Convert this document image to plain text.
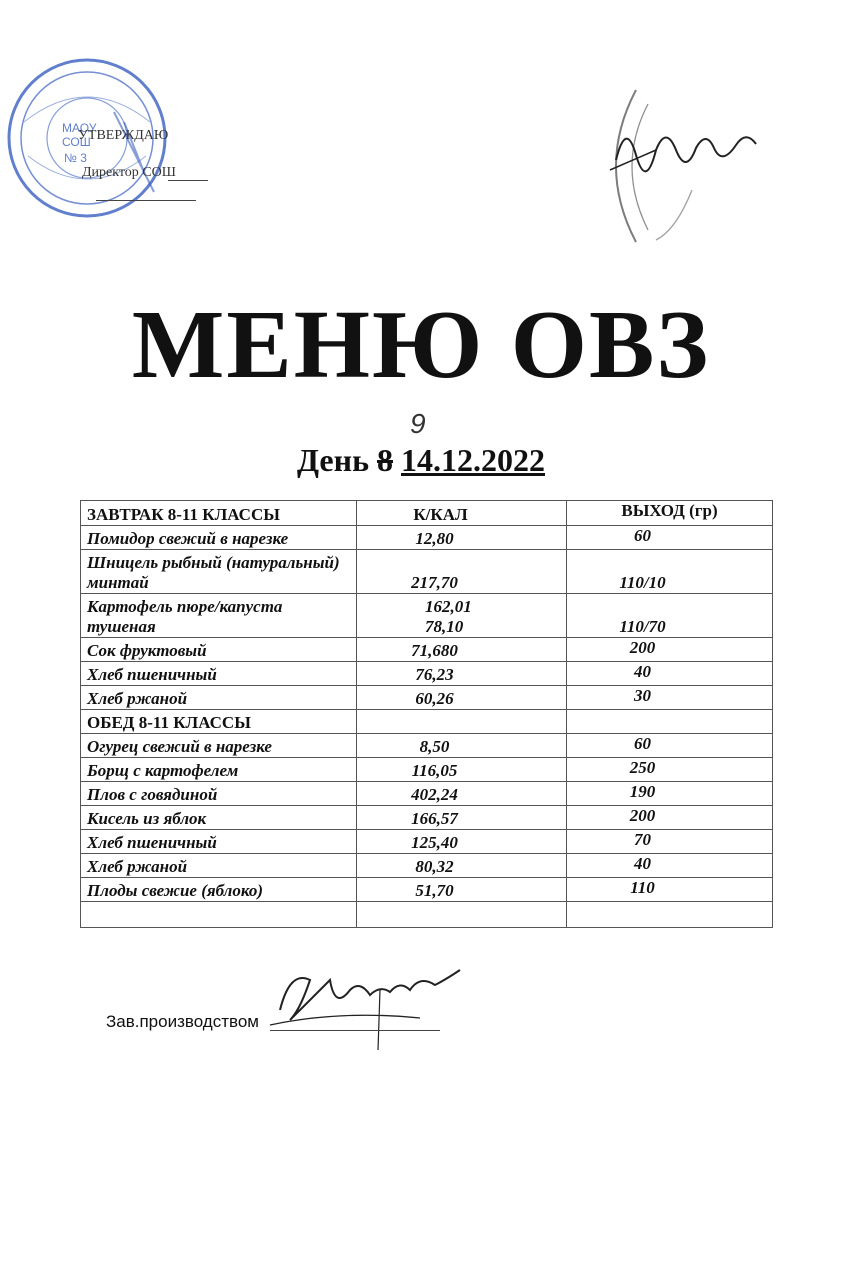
МАОУ
СОШ
№ 3
УТВЕРЖДАЮ
Директор СОШ
МЕНЮ ОВЗ
9
День 8 14.12.2022
ЗАВТРАК 8-11 КЛАССЫ	К/КАЛ	ВЫХОД (гр)
Помидор свежий в нарезке	12,80	60
Шницель рыбный (натуральный) минтай	217,70	110/10
Картофель пюре/капуста тушеная	162,01 78,10	110/70
Сок фруктовый	71,680	200
Хлеб пшеничный	76,23	40
Хлеб ржаной	60,26	30
ОБЕД 8-11 КЛАССЫ		
Огурец свежий в нарезке	8,50	60
Борщ с картофелем	116,05	250
Плов с говядиной	402,24	190
Кисель из яблок	166,57	200
Хлеб пшеничный	125,40	70
Хлеб ржаной	80,32	40
Плоды свежие (яблоко)	51,70	110

Зав.производством
